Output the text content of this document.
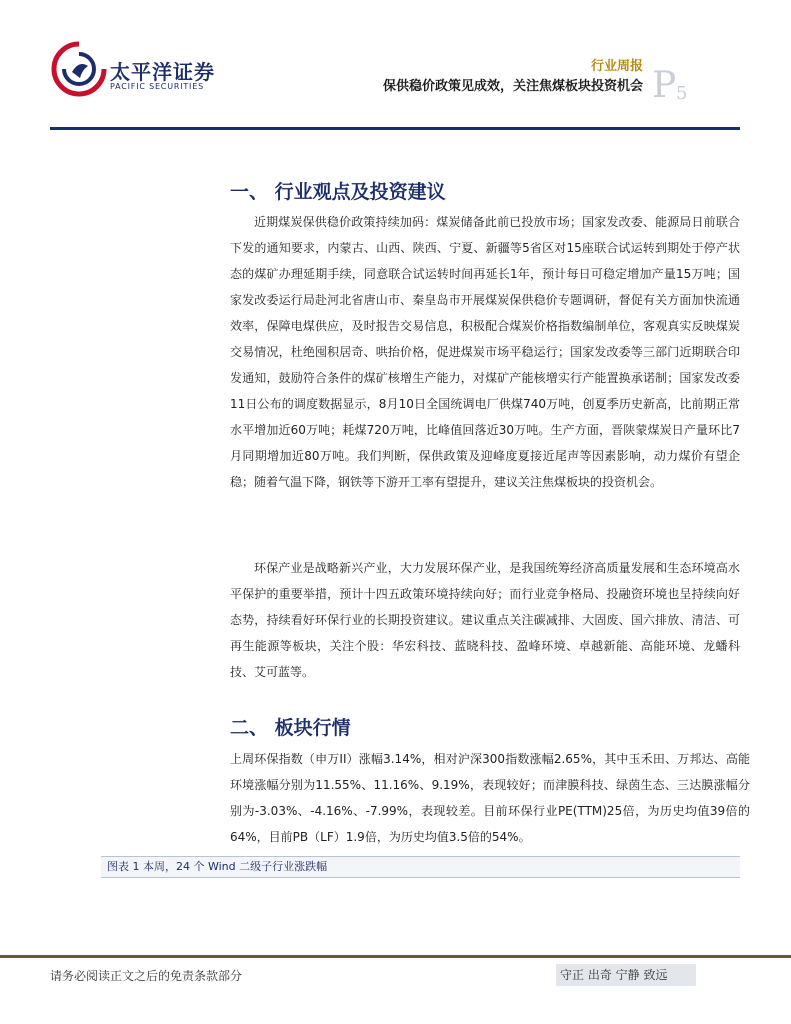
太平洋证券
PACIFIC SECURITIES
行业周报
保供稳价政策见成效，关注焦煤板块投资机会 P 5
一、 行业观点及投资建议
近期煤炭保供稳价政策持续加码：煤炭储备此前已投放市场；国家发改委、能源局日前联合下发的通知要求，内蒙古、山西、陕西、宁夏、新疆等5省区对15座联合试运转到期处于停产状态的煤矿办理延期手续，同意联合试运转时间再延长1年，预计每日可稳定增加产量15万吨；国家发改委运行局赴河北省唐山市、秦皇岛市开展煤炭保供稳价专题调研，督促有关方面加快流通效率，保障电煤供应，及时报告交易信息，积极配合煤炭价格指数编制单位，客观真实反映煤炭交易情况，杜绝囤积居奇、哄抬价格，促进煤炭市场平稳运行；国家发改委等三部门近期联合印发通知，鼓励符合条件的煤矿核增生产能力，对煤矿产能核增实行产能置换承诺制；国家发改委11日公布的调度数据显示，8月10日全国统调电厂供煤740万吨，创夏季历史新高，比前期正常水平增加近60万吨；耗煤720万吨，比峰值回落近30万吨。生产方面，晋陕蒙煤炭日产量环比7月同期增加近80万吨。我们判断，保供政策及迎峰度夏接近尾声等因素影响，动力煤价有望企稳；随着气温下降，钢铁等下游开工率有望提升，建议关注焦煤板块的投资机会。
环保产业是战略新兴产业，大力发展环保产业，是我国统筹经济高质量发展和生态环境高水平保护的重要举措，预计十四五政策环境持续向好；而行业竞争格局、投融资环境也呈持续向好态势，持续看好环保行业的长期投资建议。建议重点关注碳减排、大固废、国六排放、清洁、可再生能源等板块，关注个股：华宏科技、蓝晓科技、盈峰环境、卓越新能、高能环境、龙蟠科技、艾可蓝等。
二、 板块行情
上周环保指数（申万II）涨幅3.14%，相对沪深300指数涨幅2.65%，其中玉禾田、万邦达、高能环境涨幅分别为11.55%、11.16%、9.19%，表现较好；而津膜科技、绿茵生态、三达膜涨幅分别为-3.03%、-4.16%、-7.99%，表现较差。目前环保行业PE(TTM)25倍，为历史均值39倍的64%，目前PB（LF）1.9倍，为历史均值3.5倍的54%。
图表 1 本周，24 个 Wind 二级子行业涨跌幅
请务必阅读正文之后的免责条款部分	守正 出奇 宁静 致远
